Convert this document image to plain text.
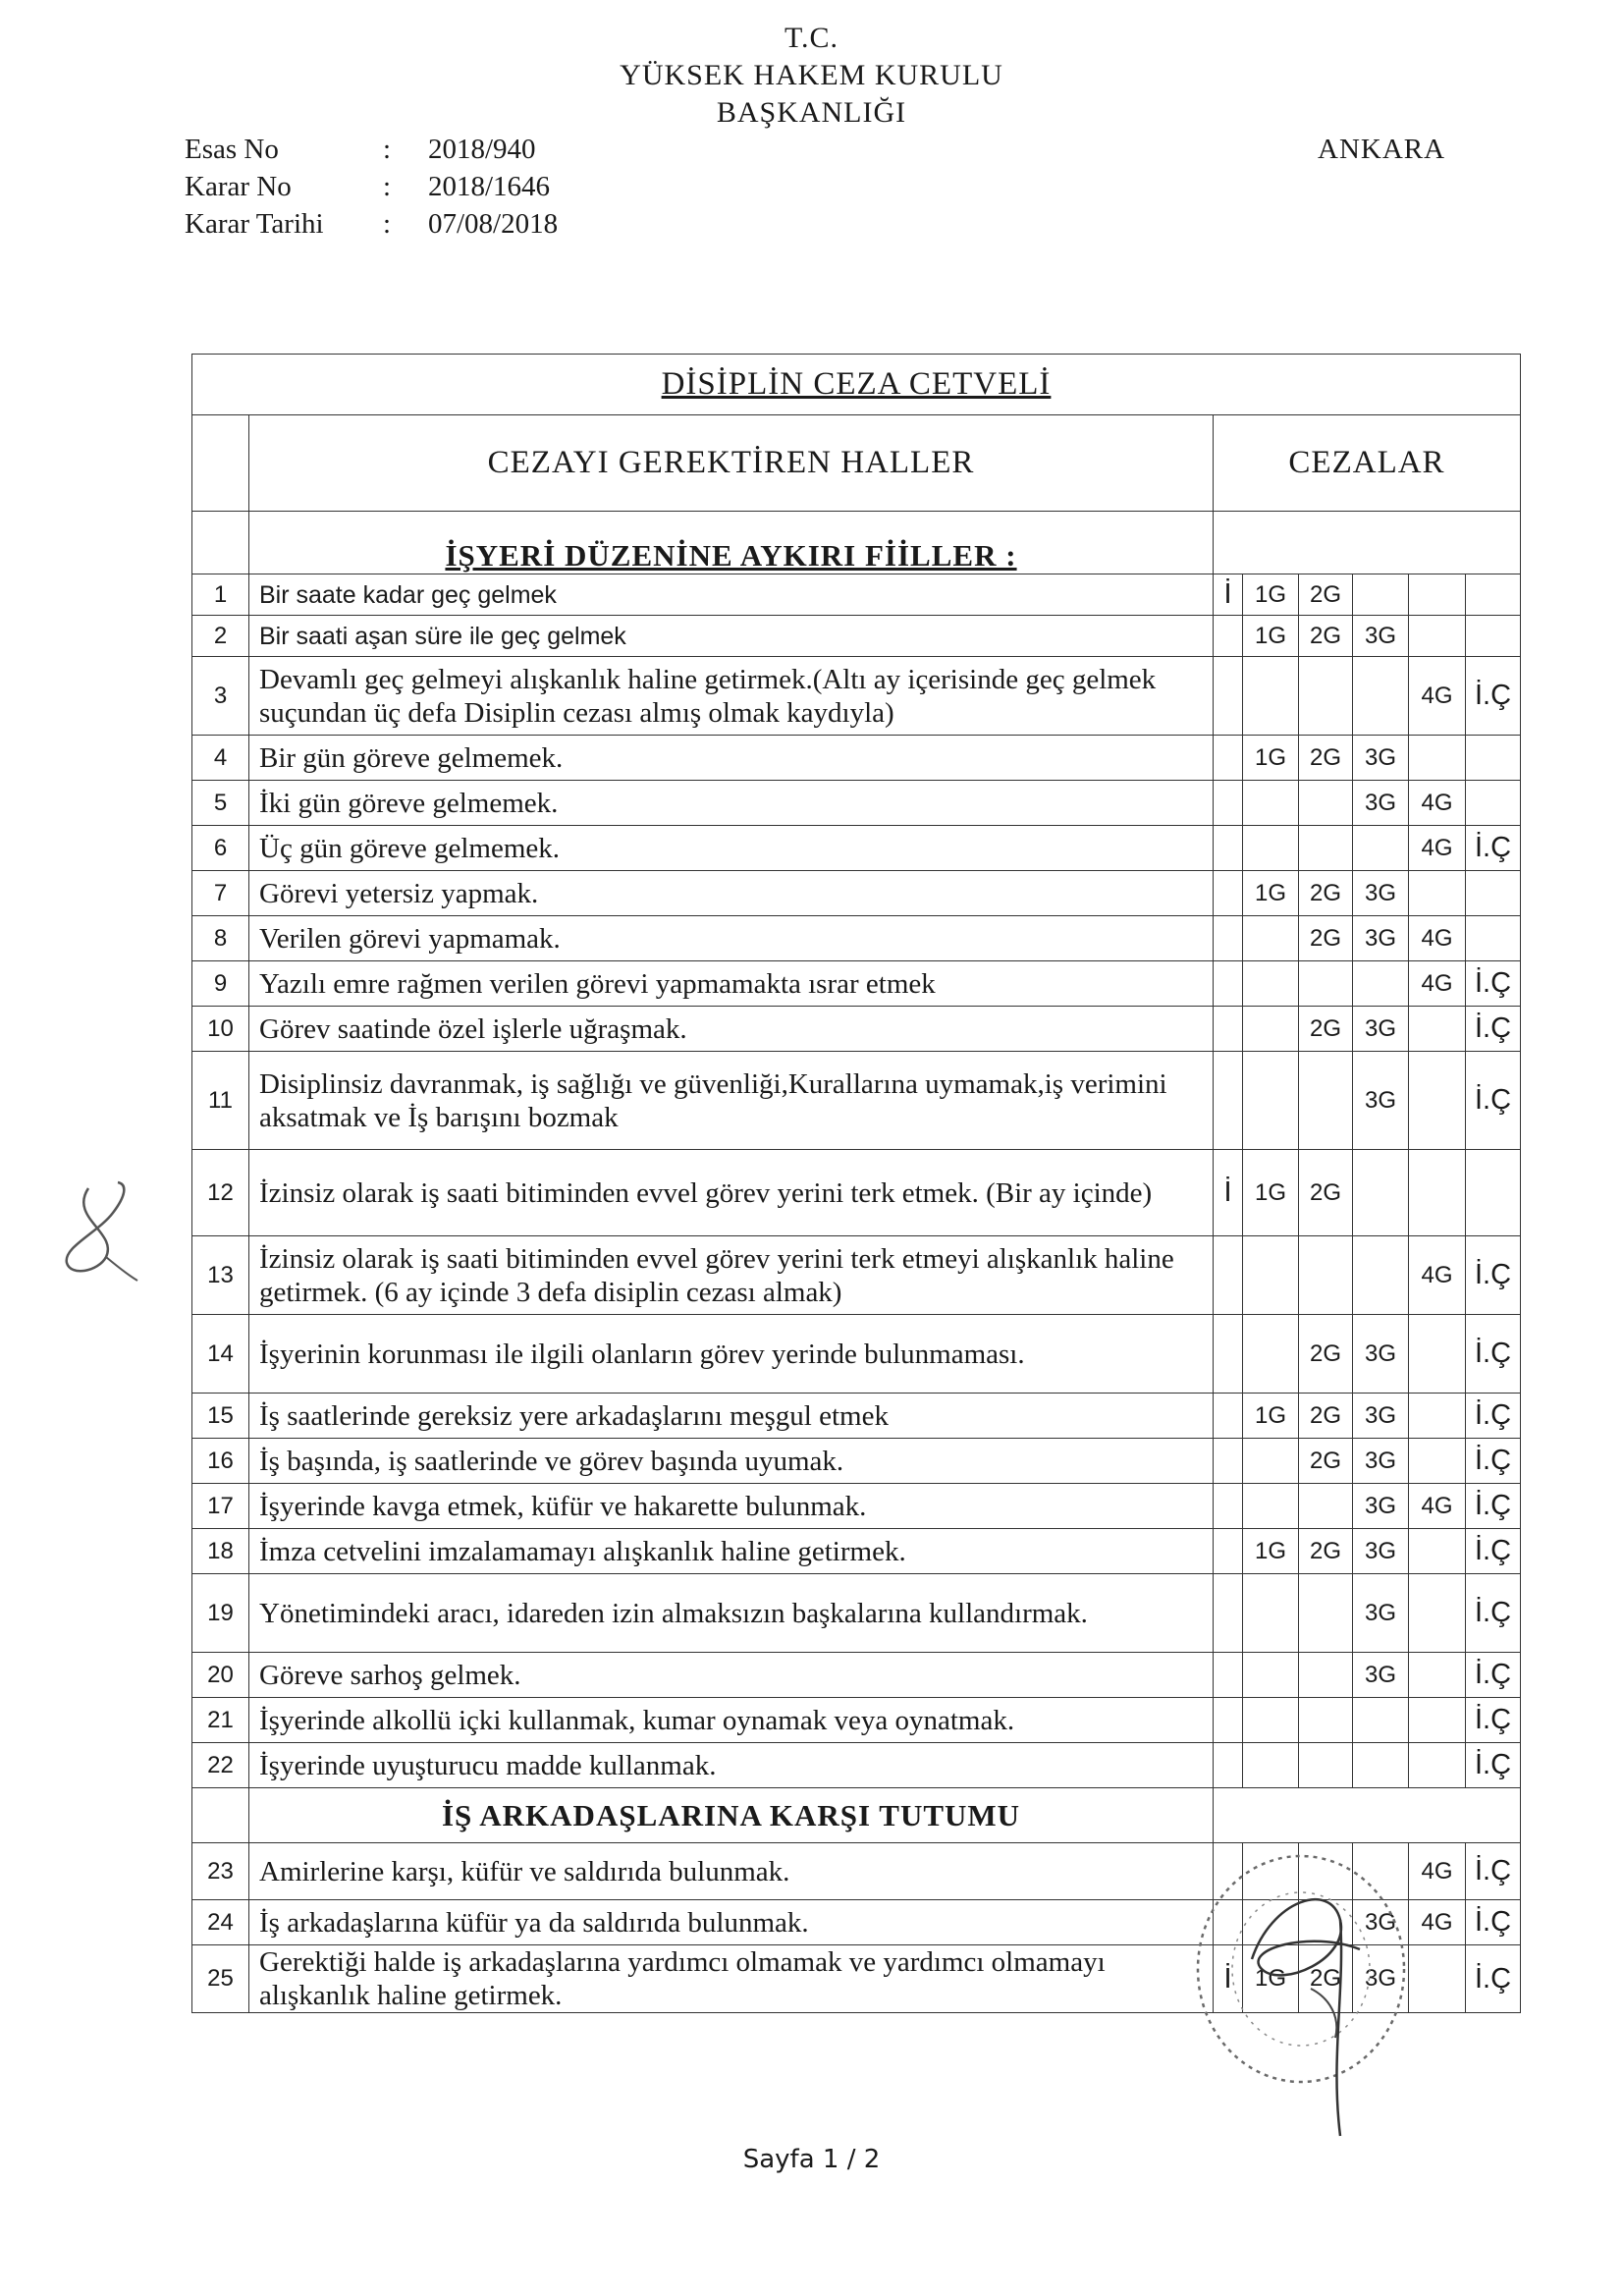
T.C.
YÜKSEK HAKEM KURULU
BAŞKANLIĞI
Esas No	: 2018/940
Karar No	: 2018/1646
Karar Tarihi : 07/08/2018
ANKARA
DİSİPLİN CEZA CETVELİ							
	CEZAYI GEREKTİREN HALLER	CEZALAR					
	İŞYERİ DÜZENİNE AYKIRI FİİLLER :						
1	Bir saate kadar geç gelmek	İ	1G	2G			
2	Bir saati aşan süre ile geç gelmek		1G	2G	3G		
3	Devamlı geç gelmeyi alışkanlık haline getirmek.(Altı ay içerisinde geç gelmek suçundan üç defa Disiplin cezası almış olmak kaydıyla)					4G	İ.Ç
4	Bir gün göreve gelmemek.		1G	2G	3G		
5	İki gün göreve gelmemek.				3G	4G	
6	Üç gün göreve gelmemek.					4G	İ.Ç
7	Görevi yetersiz yapmak.		1G	2G	3G		
8	Verilen görevi yapmamak.			2G	3G	4G	
9	Yazılı emre rağmen verilen görevi yapmamakta ısrar etmek					4G	İ.Ç
10	Görev saatinde özel işlerle uğraşmak.			2G	3G		İ.Ç
11	Disiplinsiz davranmak, iş sağlığı ve güvenliği,Kurallarına uymamak,iş verimini aksatmak ve İş barışını bozmak				3G		İ.Ç
12	İzinsiz olarak iş saati bitiminden evvel görev yerini terk etmek. (Bir ay içinde)	İ	1G	2G			
13	İzinsiz olarak iş saati bitiminden evvel görev yerini terk etmeyi alışkanlık haline getirmek. (6 ay içinde 3 defa disiplin cezası almak)					4G	İ.Ç
14	İşyerinin korunması ile ilgili olanların görev yerinde bulunmaması.			2G	3G		İ.Ç
15	İş saatlerinde gereksiz yere arkadaşlarını meşgul etmek		1G	2G	3G		İ.Ç
16	İş başında, iş saatlerinde ve görev başında uyumak.			2G	3G		İ.Ç
17	İşyerinde kavga etmek, küfür ve hakarette bulunmak.				3G	4G	İ.Ç
18	İmza cetvelini imzalamamayı alışkanlık haline getirmek.		1G	2G	3G		İ.Ç
19	Yönetimindeki aracı, idareden izin almaksızın başkalarına kullandırmak.				3G		İ.Ç
20	Göreve sarhoş gelmek.				3G		İ.Ç
21	İşyerinde alkollü içki kullanmak, kumar oynamak veya oynatmak.						İ.Ç
22	İşyerinde uyuşturucu madde kullanmak.						İ.Ç
	İŞ ARKADAŞLARINA KARŞI TUTUMU						
23	Amirlerine karşı, küfür ve saldırıda bulunmak.					4G	İ.Ç
24	İş arkadaşlarına küfür ya da saldırıda bulunmak.				3G	4G	İ.Ç
25	Gerektiği halde iş arkadaşlarına yardımcı olmamak ve yardımcı olmamayı alışkanlık haline getirmek.	İ	1G	2G	3G		İ.Ç
Sayfa 1 / 2
